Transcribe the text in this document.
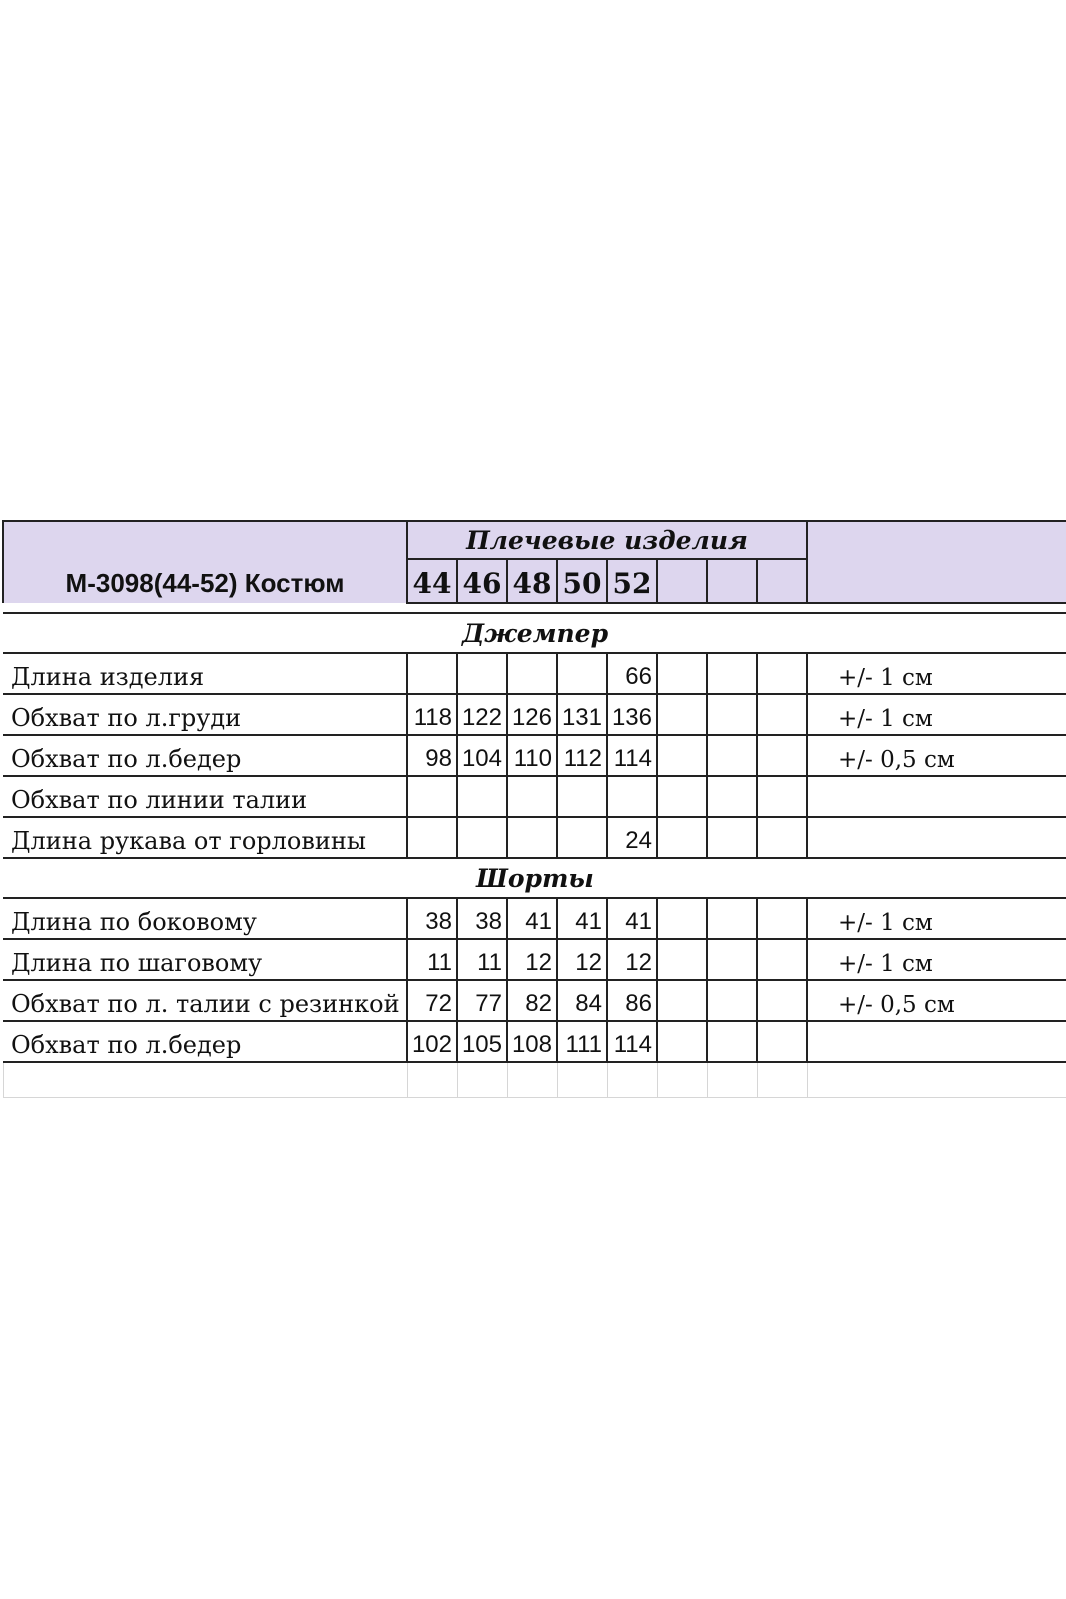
М-3098(44-52) Костюм	Плечевые изделия								
	44	46	48	50	52				

Джемпер									
Длина изделия					66				+/- 1 см
Обхват по л.груди	118	122	126	131	136				+/- 1 см
Обхват по л.бедер	98	104	110	112	114				+/- 0,5 см
Обхват по линии талии									
Длина рукава от горловины					24				
Шорты									
Длина по боковому	38	38	41	41	41				+/- 1 см
Длина по шаговому	11	11	12	12	12				+/- 1 см
Обхват по л. талии с резинкой	72	77	82	84	86				+/- 0,5 см
Обхват по л.бедер	102	105	108	111	114				
